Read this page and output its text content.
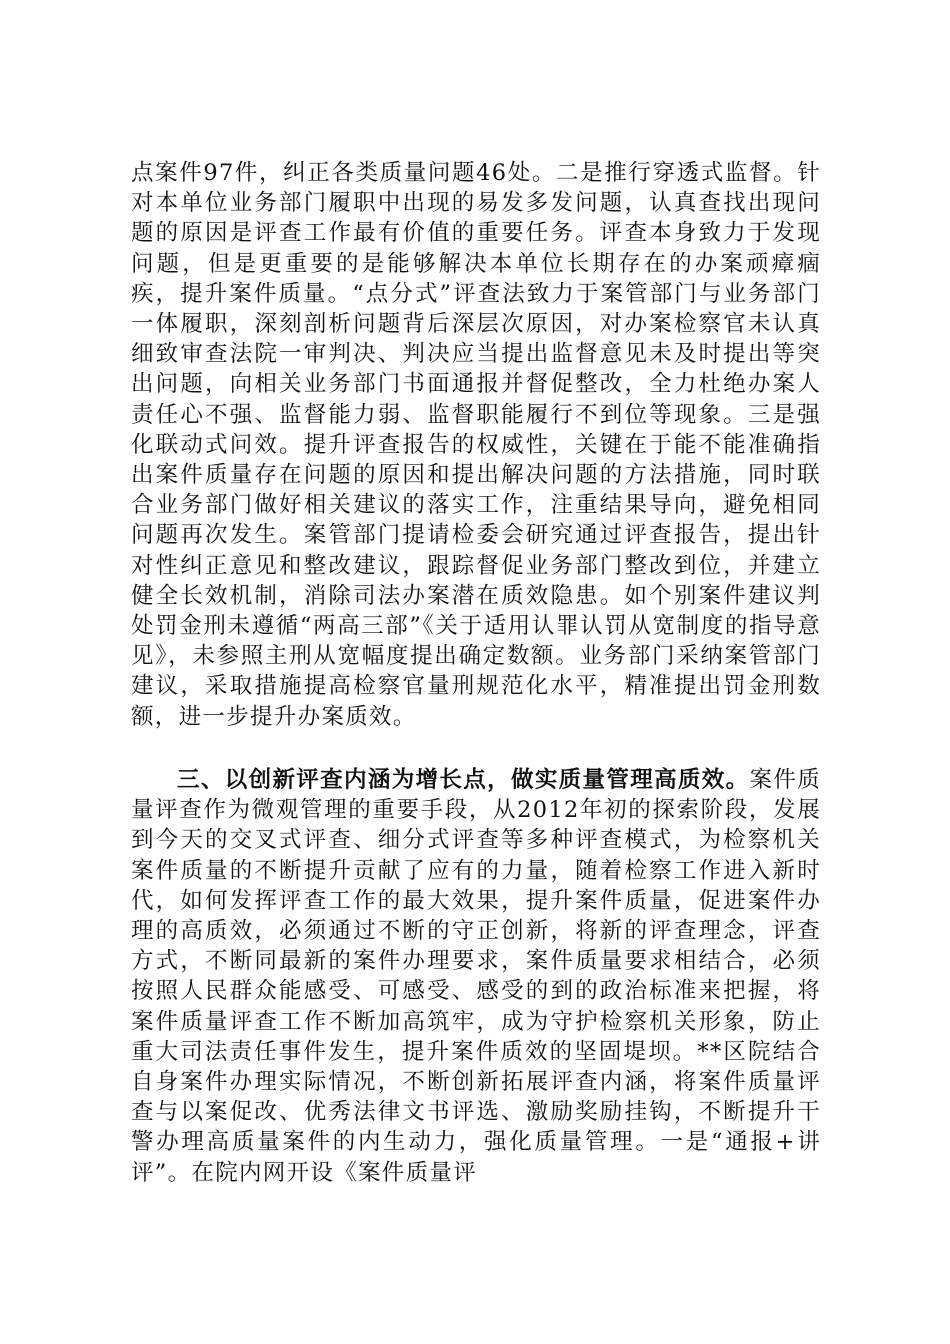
点案件97件，纠正各类质量问题46处。二是推行穿透式监督。针对本单位业务部门履职中出现的易发多发问题，认真查找出现问题的原因是评查工作最有价值的重要任务。评查本身致力于发现问题，但是更重要的是能够解决本单位长期存在的办案顽瘴痼疾，提升案件质量。“点分式”评查法致力于案管部门与业务部门一体履职，深刻剖析问题背后深层次原因，对办案检察官未认真细致审查法院一审判决、判决应当提出监督意见未及时提出等突出问题，向相关业务部门书面通报并督促整改，全力杜绝办案人责任心不强、监督能力弱、监督职能履行不到位等现象。三是强化联动式问效。提升评查报告的权威性，关键在于能不能准确指出案件质量存在问题的原因和提出解决问题的方法措施，同时联合业务部门做好相关建议的落实工作，注重结果导向，避免相同问题再次发生。案管部门提请检委会研究通过评查报告，提出针对性纠正意见和整改建议，跟踪督促业务部门整改到位，并建立健全长效机制，消除司法办案潜在质效隐患。如个别案件建议判处罚金刑未遵循“两高三部”《关于适用认罪认罚从宽制度的指导意见》，未参照主刑从宽幅度提出确定数额。业务部门采纳案管部门建议，采取措施提高检察官量刑规范化水平，精准提出罚金刑数额，进一步提升办案质效。

三、以创新评查内涵为增长点，做实质量管理高质效。案件质量评查作为微观管理的重要手段，从2012年初的探索阶段，发展到今天的交叉式评查、细分式评查等多种评查模式，为检察机关案件质量的不断提升贡献了应有的力量，随着检察工作进入新时代，如何发挥评查工作的最大效果，提升案件质量，促进案件办理的高质效，必须通过不断的守正创新，将新的评查理念，评查方式，不断同最新的案件办理要求，案件质量要求相结合，必须按照人民群众能感受、可感受、感受的到的政治标准来把握，将案件质量评查工作不断加高筑牢，成为守护检察机关形象，防止重大司法责任事件发生，提升案件质效的坚固堤坝。**区院结合自身案件办理实际情况，不断创新拓展评查内涵，将案件质量评查与以案促改、优秀法律文书评选、激励奖励挂钩，不断提升干警办理高质量案件的内生动力，强化质量管理。一是“通报+讲评”。在院内网开设《案件质量评
